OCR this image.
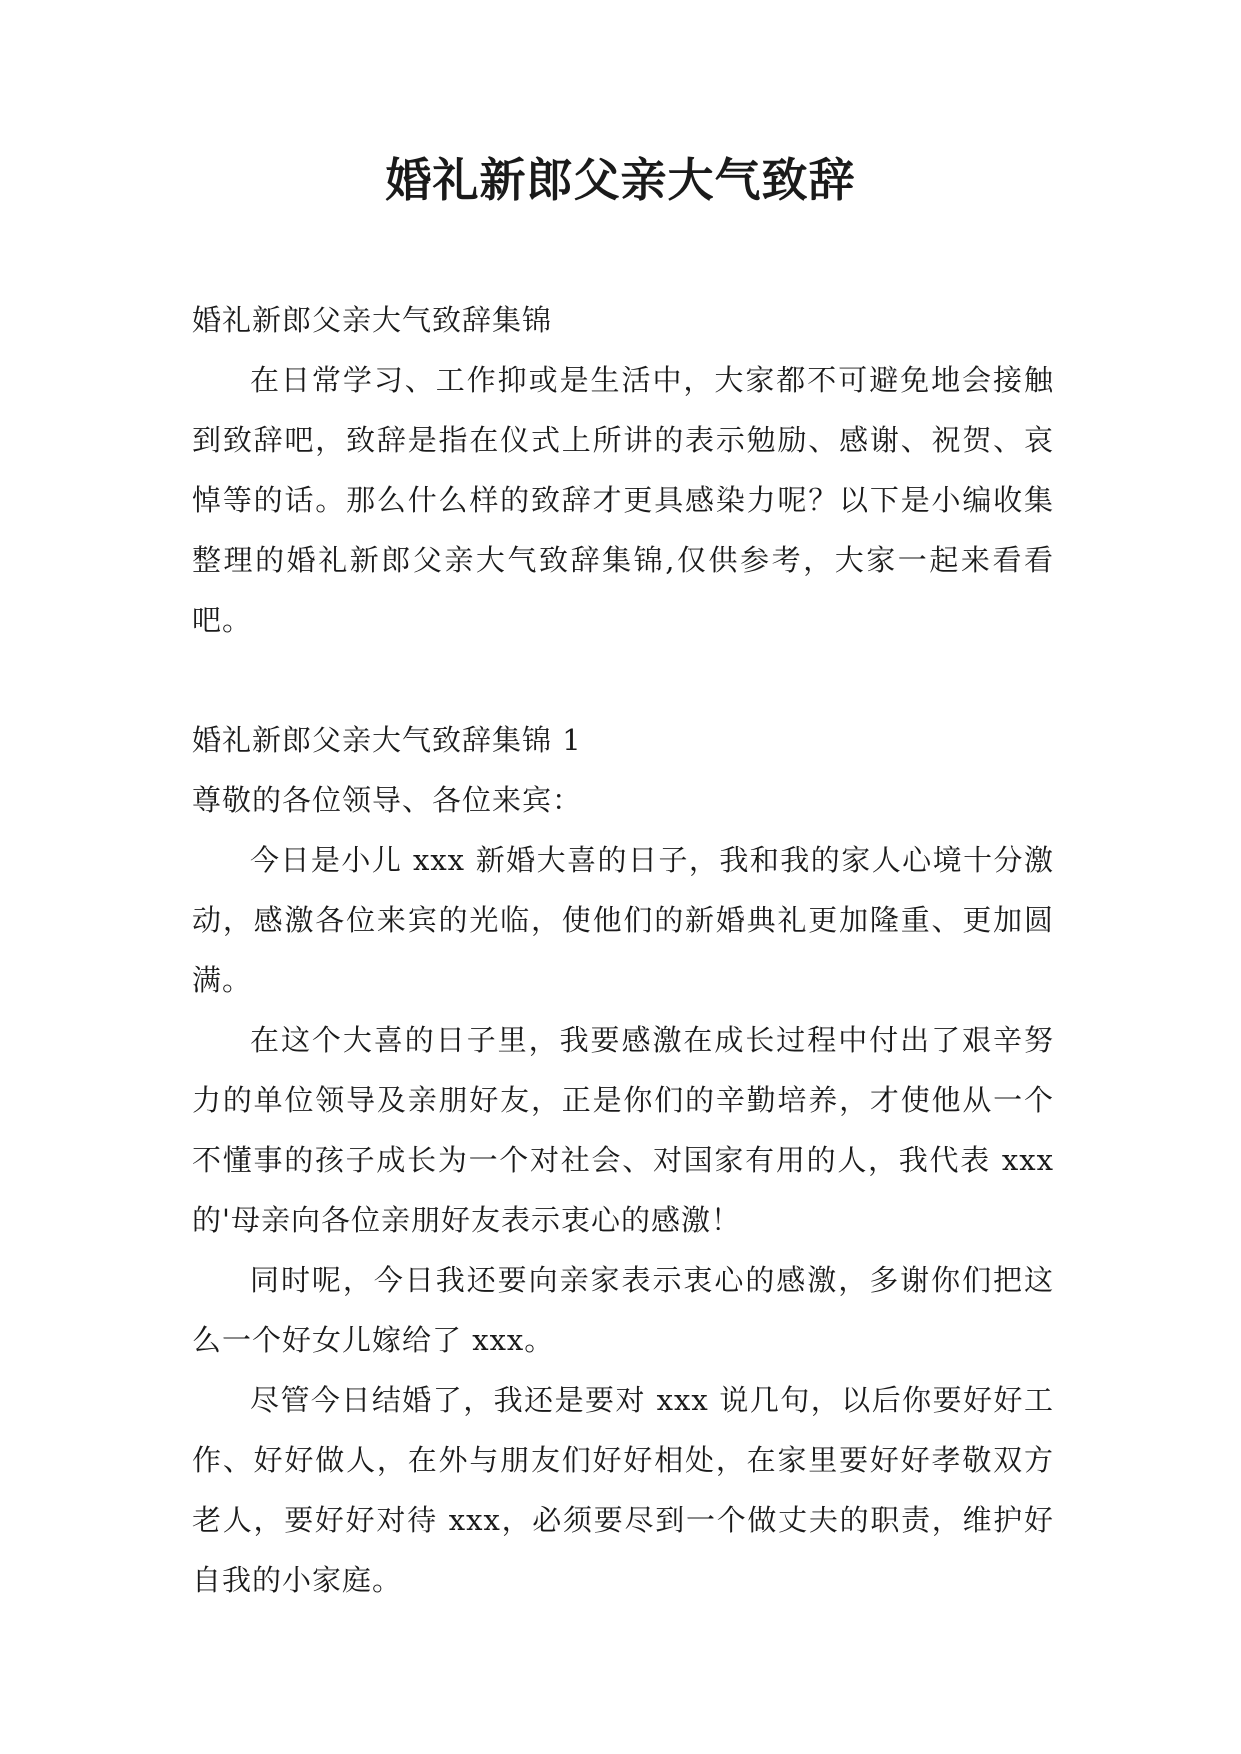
婚礼新郎父亲大气致辞

婚礼新郎父亲大气致辞集锦

在日常学习、工作抑或是生活中，大家都不可避免地会接触到致辞吧，致辞是指在仪式上所讲的表示勉励、感谢、祝贺、哀悼等的话。那么什么样的致辞才更具感染力呢？以下是小编收集整理的婚礼新郎父亲大气致辞集锦,仅供参考，大家一起来看看吧。

婚礼新郎父亲大气致辞集锦 1

尊敬的各位领导、各位来宾：

今日是小儿 xxx 新婚大喜的日子，我和我的家人心境十分激动，感激各位来宾的光临，使他们的新婚典礼更加隆重、更加圆满。

在这个大喜的日子里，我要感激在成长过程中付出了艰辛努力的单位领导及亲朋好友，正是你们的辛勤培养，才使他从一个不懂事的孩子成长为一个对社会、对国家有用的人，我代表 xxx 的'母亲向各位亲朋好友表示衷心的感激！

同时呢，今日我还要向亲家表示衷心的感激，多谢你们把这么一个好女儿嫁给了 xxx。

尽管今日结婚了，我还是要对 xxx 说几句，以后你要好好工作、好好做人，在外与朋友们好好相处，在家里要好好孝敬双方老人，要好好对待 xxx，必须要尽到一个做丈夫的职责，维护好自我的小家庭。
